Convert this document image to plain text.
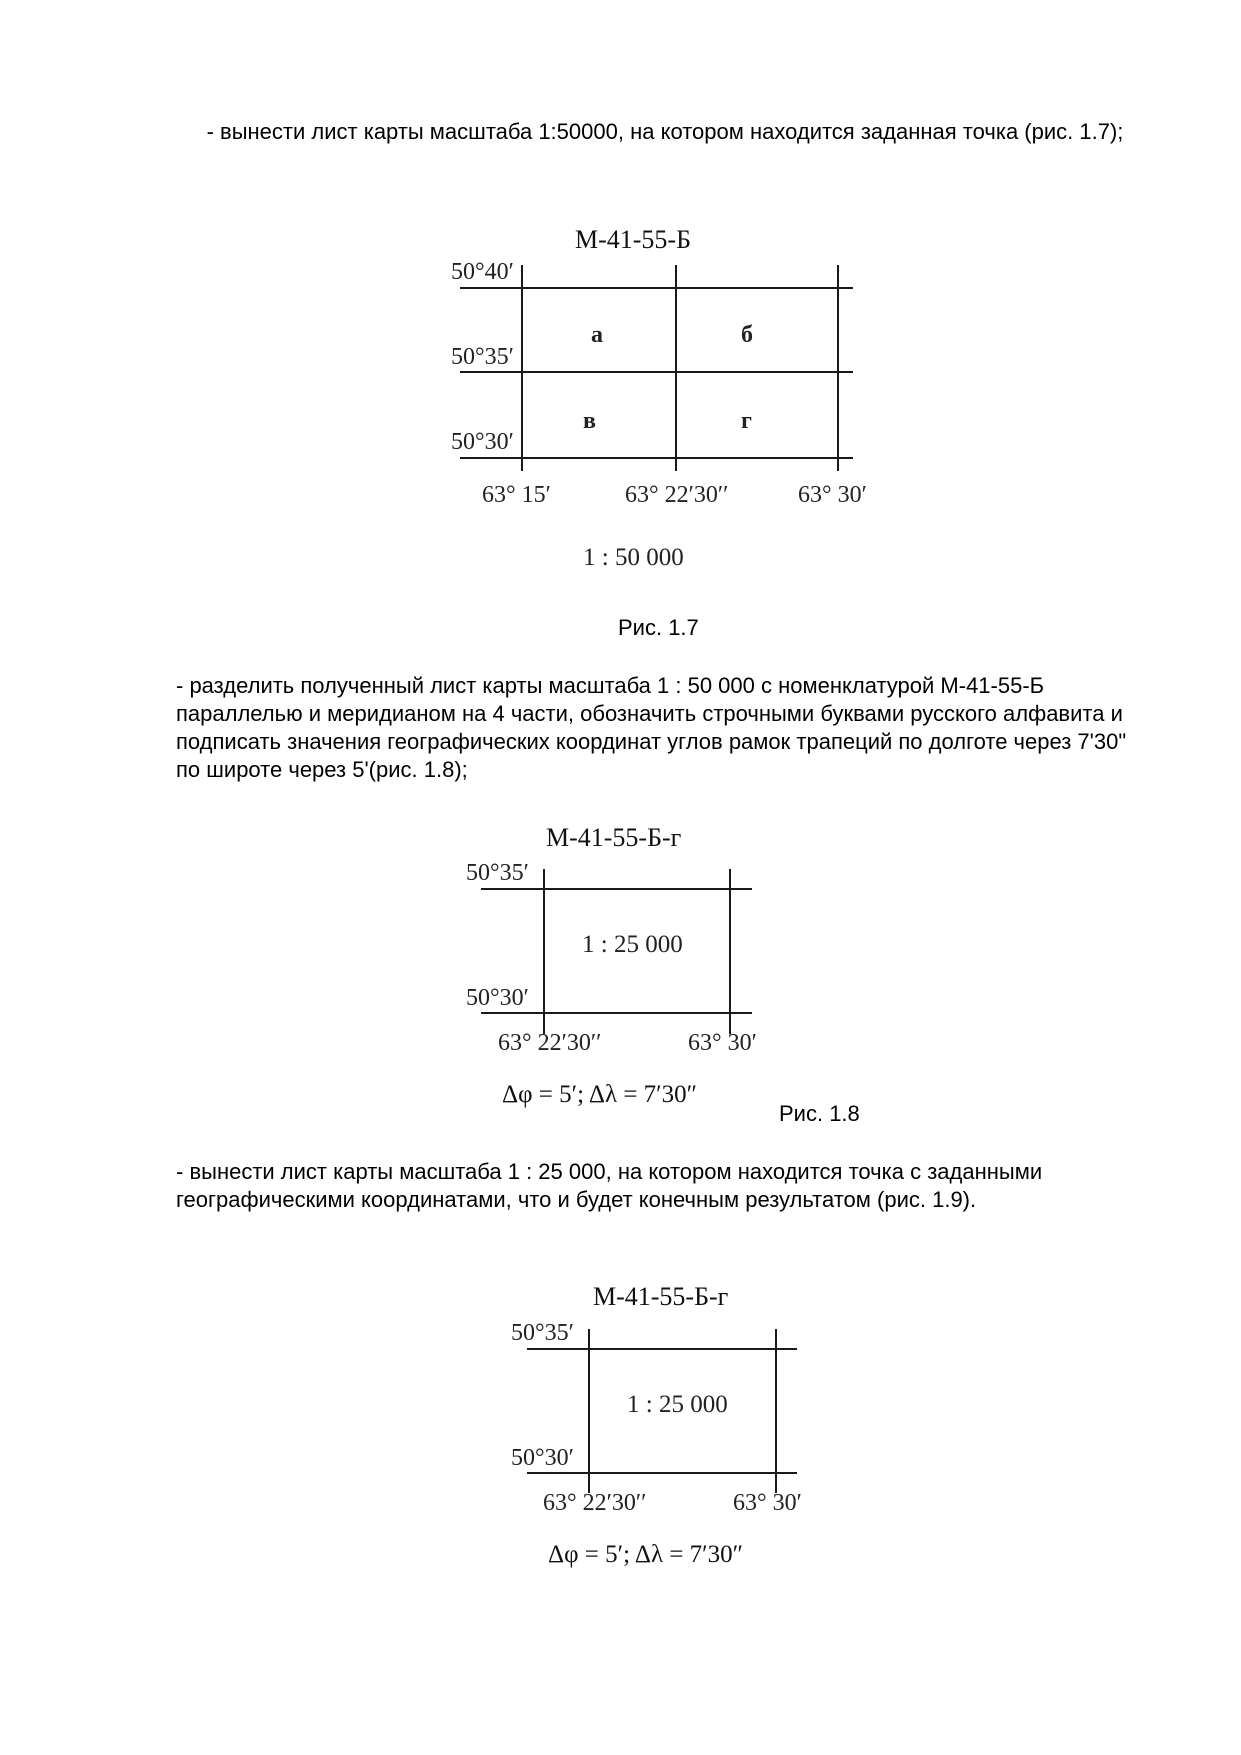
- вынести лист карты масштаба 1:50000, на котором находится заданная точка (рис. 1.7);
М-41-55-Б
50°40′
50°35′
50°30′
а	б
в	г
63° 15′	63° 22′30′′	63° 30′
1 : 50 000
Рис. 1.7
- разделить полученный лист карты масштаба 1 : 50 000 с номенклатурой М-41-55-Б параллелью и меридианом на 4 части, обозначить строчными буквами русского алфавита и подписать значения географических координат углов рамок трапеций по долготе через 7'30" по широте через 5'(рис. 1.8);
М-41-55-Б-г
50°35′
50°30′
1 : 25 000
63° 22′30′′	63° 30′
Δφ = 5′; Δλ = 7′30″
Рис. 1.8
- вынести лист карты масштаба 1 : 25 000, на котором находится точка с заданными географическими координатами, что и будет конечным результатом (рис. 1.9).
М-41-55-Б-г
50°35′
50°30′
1 : 25 000
63° 22′30′′	63° 30′
Δφ = 5′; Δλ = 7′30″
